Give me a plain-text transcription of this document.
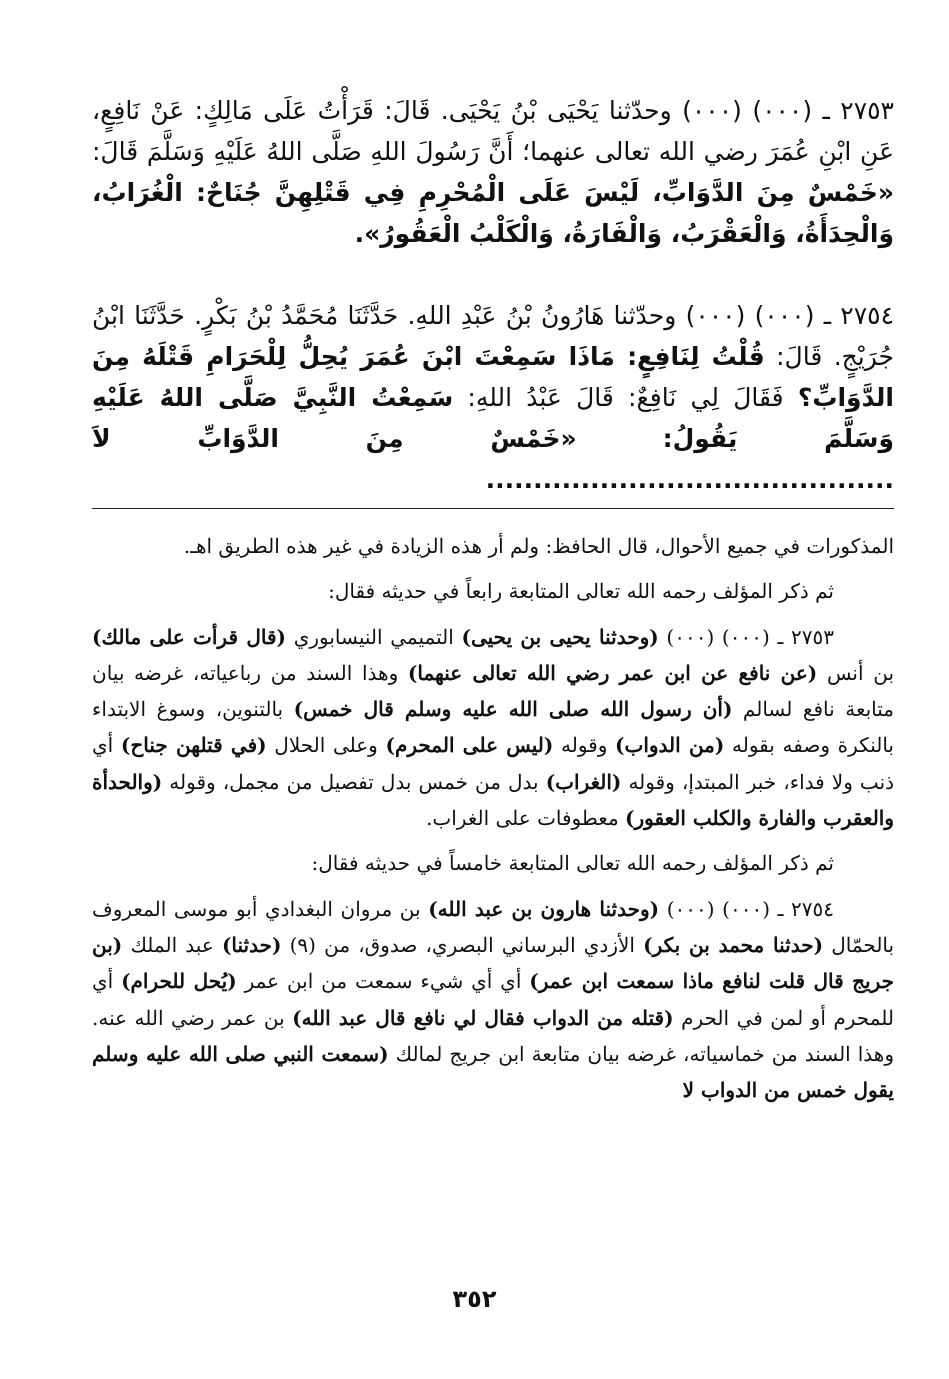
٢٧٥٣ ـ (٠٠٠) (٠٠٠) وحدّثنا يَحْيَى بْنُ يَحْيَى. قَالَ: قَرَأْتُ عَلَى مَالِكٍ: عَنْ نَافِعٍ، عَنِ ابْنِ عُمَرَ رضي الله تعالى عنهما؛ أَنَّ رَسُولَ اللهِ صَلَّى اللهُ عَلَيْهِ وَسَلَّمَ قَالَ: «خَمْسٌ مِنَ الدَّوَابِّ، لَيْسَ عَلَى الْمُحْرِمِ فِي قَتْلِهِنَّ جُنَاحٌ: الْغُرَابُ، وَالْحِدَأَةُ، وَالْعَقْرَبُ، وَالْفَارَةُ، وَالْكَلْبُ الْعَقُورُ».
٢٧٥٤ ـ (٠٠٠) (٠٠٠) وحدّثنا هَارُونُ بْنُ عَبْدِ اللهِ. حَدَّثَنَا مُحَمَّدُ بْنُ بَكْرٍ. حَدَّثَنَا ابْنُ جُرَيْجٍ. قَالَ: قُلْتُ لِنَافِعٍ: مَاذَا سَمِعْتَ ابْنَ عُمَرَ يُحِلُّ لِلْحَرَامِ قَتْلَهُ مِنَ الدَّوَابِّ؟ فَقَالَ لِي نَافِعٌ: قَالَ عَبْدُ اللهِ: سَمِعْتُ النَّبِيَّ صَلَّى اللهُ عَلَيْهِ وَسَلَّمَ يَقُولُ: «خَمْسٌ مِنَ الدَّوَابِّ لاَ ...........................................

المذكورات في جميع الأحوال، قال الحافظ: ولم أر هذه الزيادة في غير هذه الطريق اهـ.

ثم ذكر المؤلف رحمه الله تعالى المتابعة رابعاً في حديثه فقال:

٢٧٥٣ ـ (٠٠٠) (٠٠٠) (وحدثنا يحيى بن يحيى) التميمي النيسابوري (قال قرأت على مالك) بن أنس (عن نافع عن ابن عمر رضي الله تعالى عنهما) وهذا السند من رباعياته، غرضه بيان متابعة نافع لسالم (أن رسول الله صلى الله عليه وسلم قال خمس) بالتنوين، وسوغ الابتداء بالنكرة وصفه بقوله (من الدواب) وقوله (ليس على المحرم) وعلى الحلال (في قتلهن جناح) أي ذنب ولا فداء، خبر المبتدإ، وقوله (الغراب) بدل من خمس بدل تفصيل من مجمل، وقوله (والحدأة والعقرب والفارة والكلب العقور) معطوفات على الغراب.

ثم ذكر المؤلف رحمه الله تعالى المتابعة خامساً في حديثه فقال:

٢٧٥٤ ـ (٠٠٠) (٠٠٠) (وحدثنا هارون بن عبد الله) بن مروان البغدادي أبو موسى المعروف بالحمّال (حدثنا محمد بن بكر) الأزدي البرساني البصري، صدوق، من (٩) (حدثنا) عبد الملك (بن جريج قال قلت لنافع ماذا سمعت ابن عمر) أي أي شيء سمعت من ابن عمر (يُحل للحرام) أي للمحرم أو لمن في الحرم (قتله من الدواب فقال لي نافع قال عبد الله) بن عمر رضي الله عنه. وهذا السند من خماسياته، غرضه بيان متابعة ابن جريج لمالك (سمعت النبي صلى الله عليه وسلم يقول خمس من الدواب لا

٣٥٢
